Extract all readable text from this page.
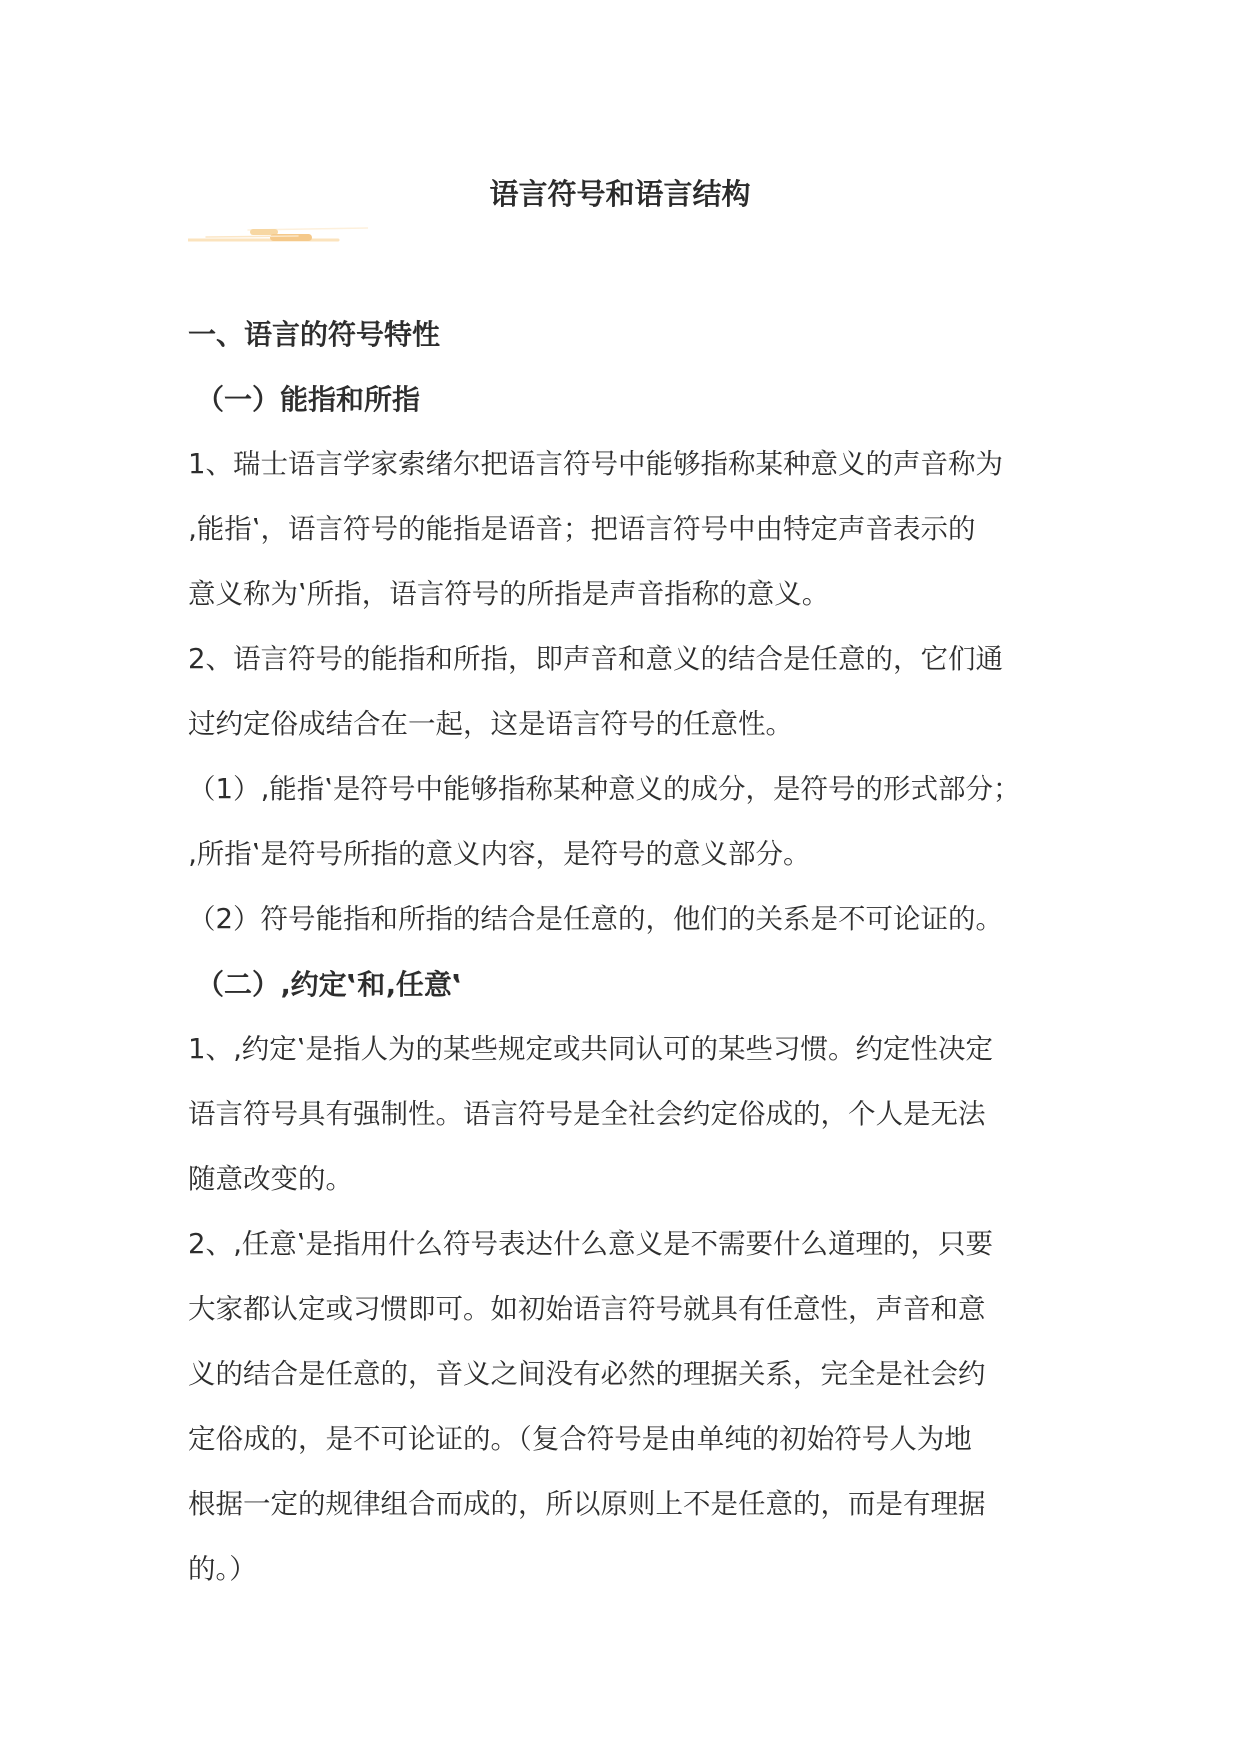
语言符号和语言结构
一、语言的符号特性
（一）能指和所指

1、瑞士语言学家索绪尔把语言符号中能够指称某种意义的声音称为

‚能指‛，语言符号的能指是语音；把语言符号中由特定声音表示的

意义称为‛所指，语言符号的所指是声音指称的意义。

2、语言符号的能指和所指，即声音和意义的结合是任意的，它们通

过约定俗成结合在一起，这是语言符号的任意性。

（1）‚能指‛是符号中能够指称某种意义的成分，是符号的形式部分；

‚所指‛是符号所指的意义内容，是符号的意义部分。

（2）符号能指和所指的结合是任意的，他们的关系是不可论证的。

（二）‚约定‛和‚任意‛

1、‚约定‛是指人为的某些规定或共同认可的某些习惯。约定性决定

语言符号具有强制性。语言符号是全社会约定俗成的，个人是无法

随意改变的。

2、‚任意‛是指用什么符号表达什么意义是不需要什么道理的，只要

大家都认定或习惯即可。如初始语言符号就具有任意性，声音和意

义的结合是任意的，音义之间没有必然的理据关系，完全是社会约

定俗成的，是不可论证的。（复合符号是由单纯的初始符号人为地

根据一定的规律组合而成的，所以原则上不是任意的，而是有理据

的。）
